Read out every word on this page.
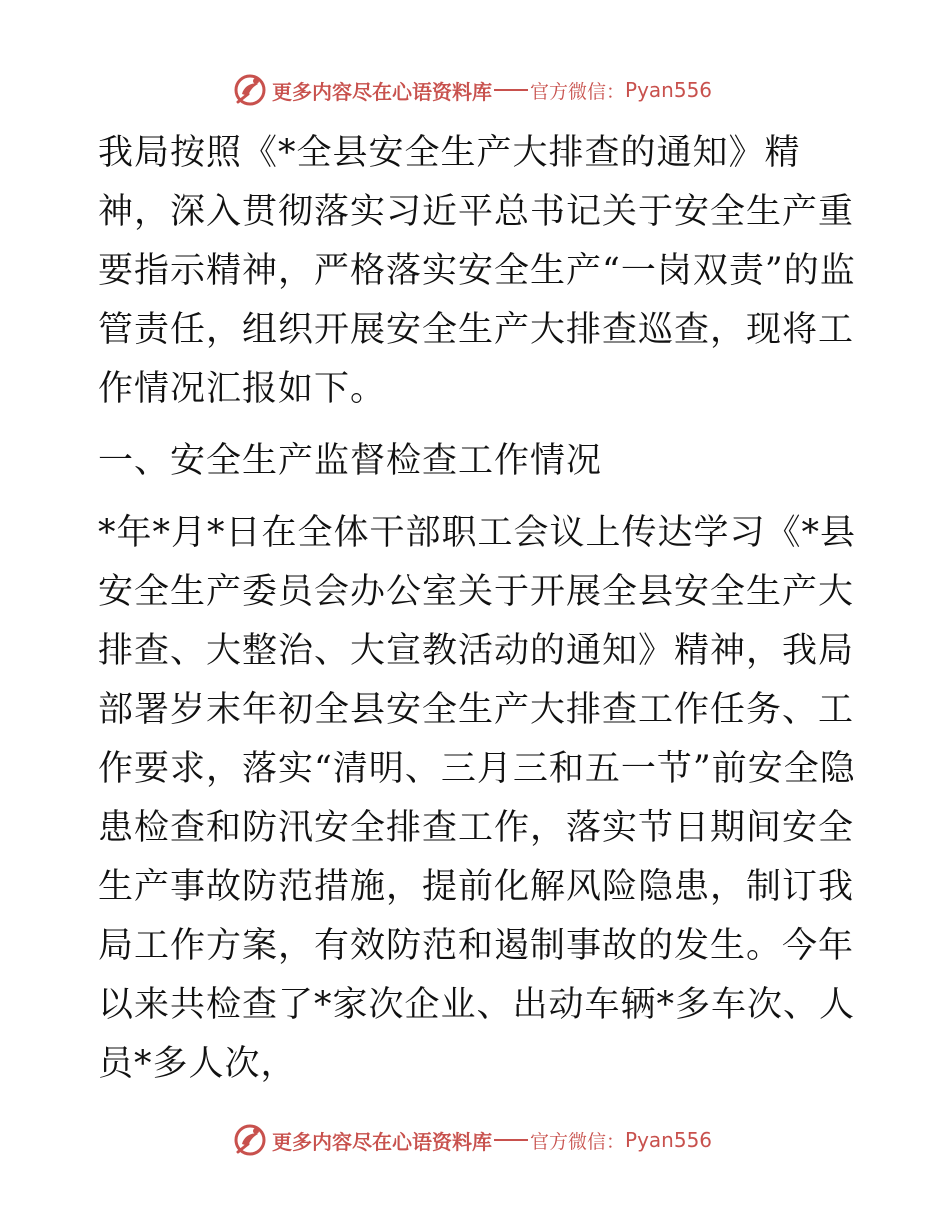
更多内容尽在心语资料库 官方微信： Pyan556

我局按照《*全县安全生产大排查的通知》精神，深入贯彻落实习近平总书记关于安全生产重要指示精神，严格落实安全生产“一岗双责”的监管责任，组织开展安全生产大排查巡查，现将工作情况汇报如下。

一、安全生产监督检查工作情况

*年*月*日在全体干部职工会议上传达学习《*县安全生产委员会办公室关于开展全县安全生产大排查、大整治、大宣教活动的通知》精神，我局部署岁末年初全县安全生产大排查工作任务、工作要求，落实“清明、三月三和五一节”前安全隐患检查和防汛安全排查工作，落实节日期间安全生产事故防范措施，提前化解风险隐患，制订我局工作方案，有效防范和遏制事故的发生。今年以来共检查了*家次企业、出动车辆*多车次、人员*多人次，

更多内容尽在心语资料库 官方微信： Pyan556
